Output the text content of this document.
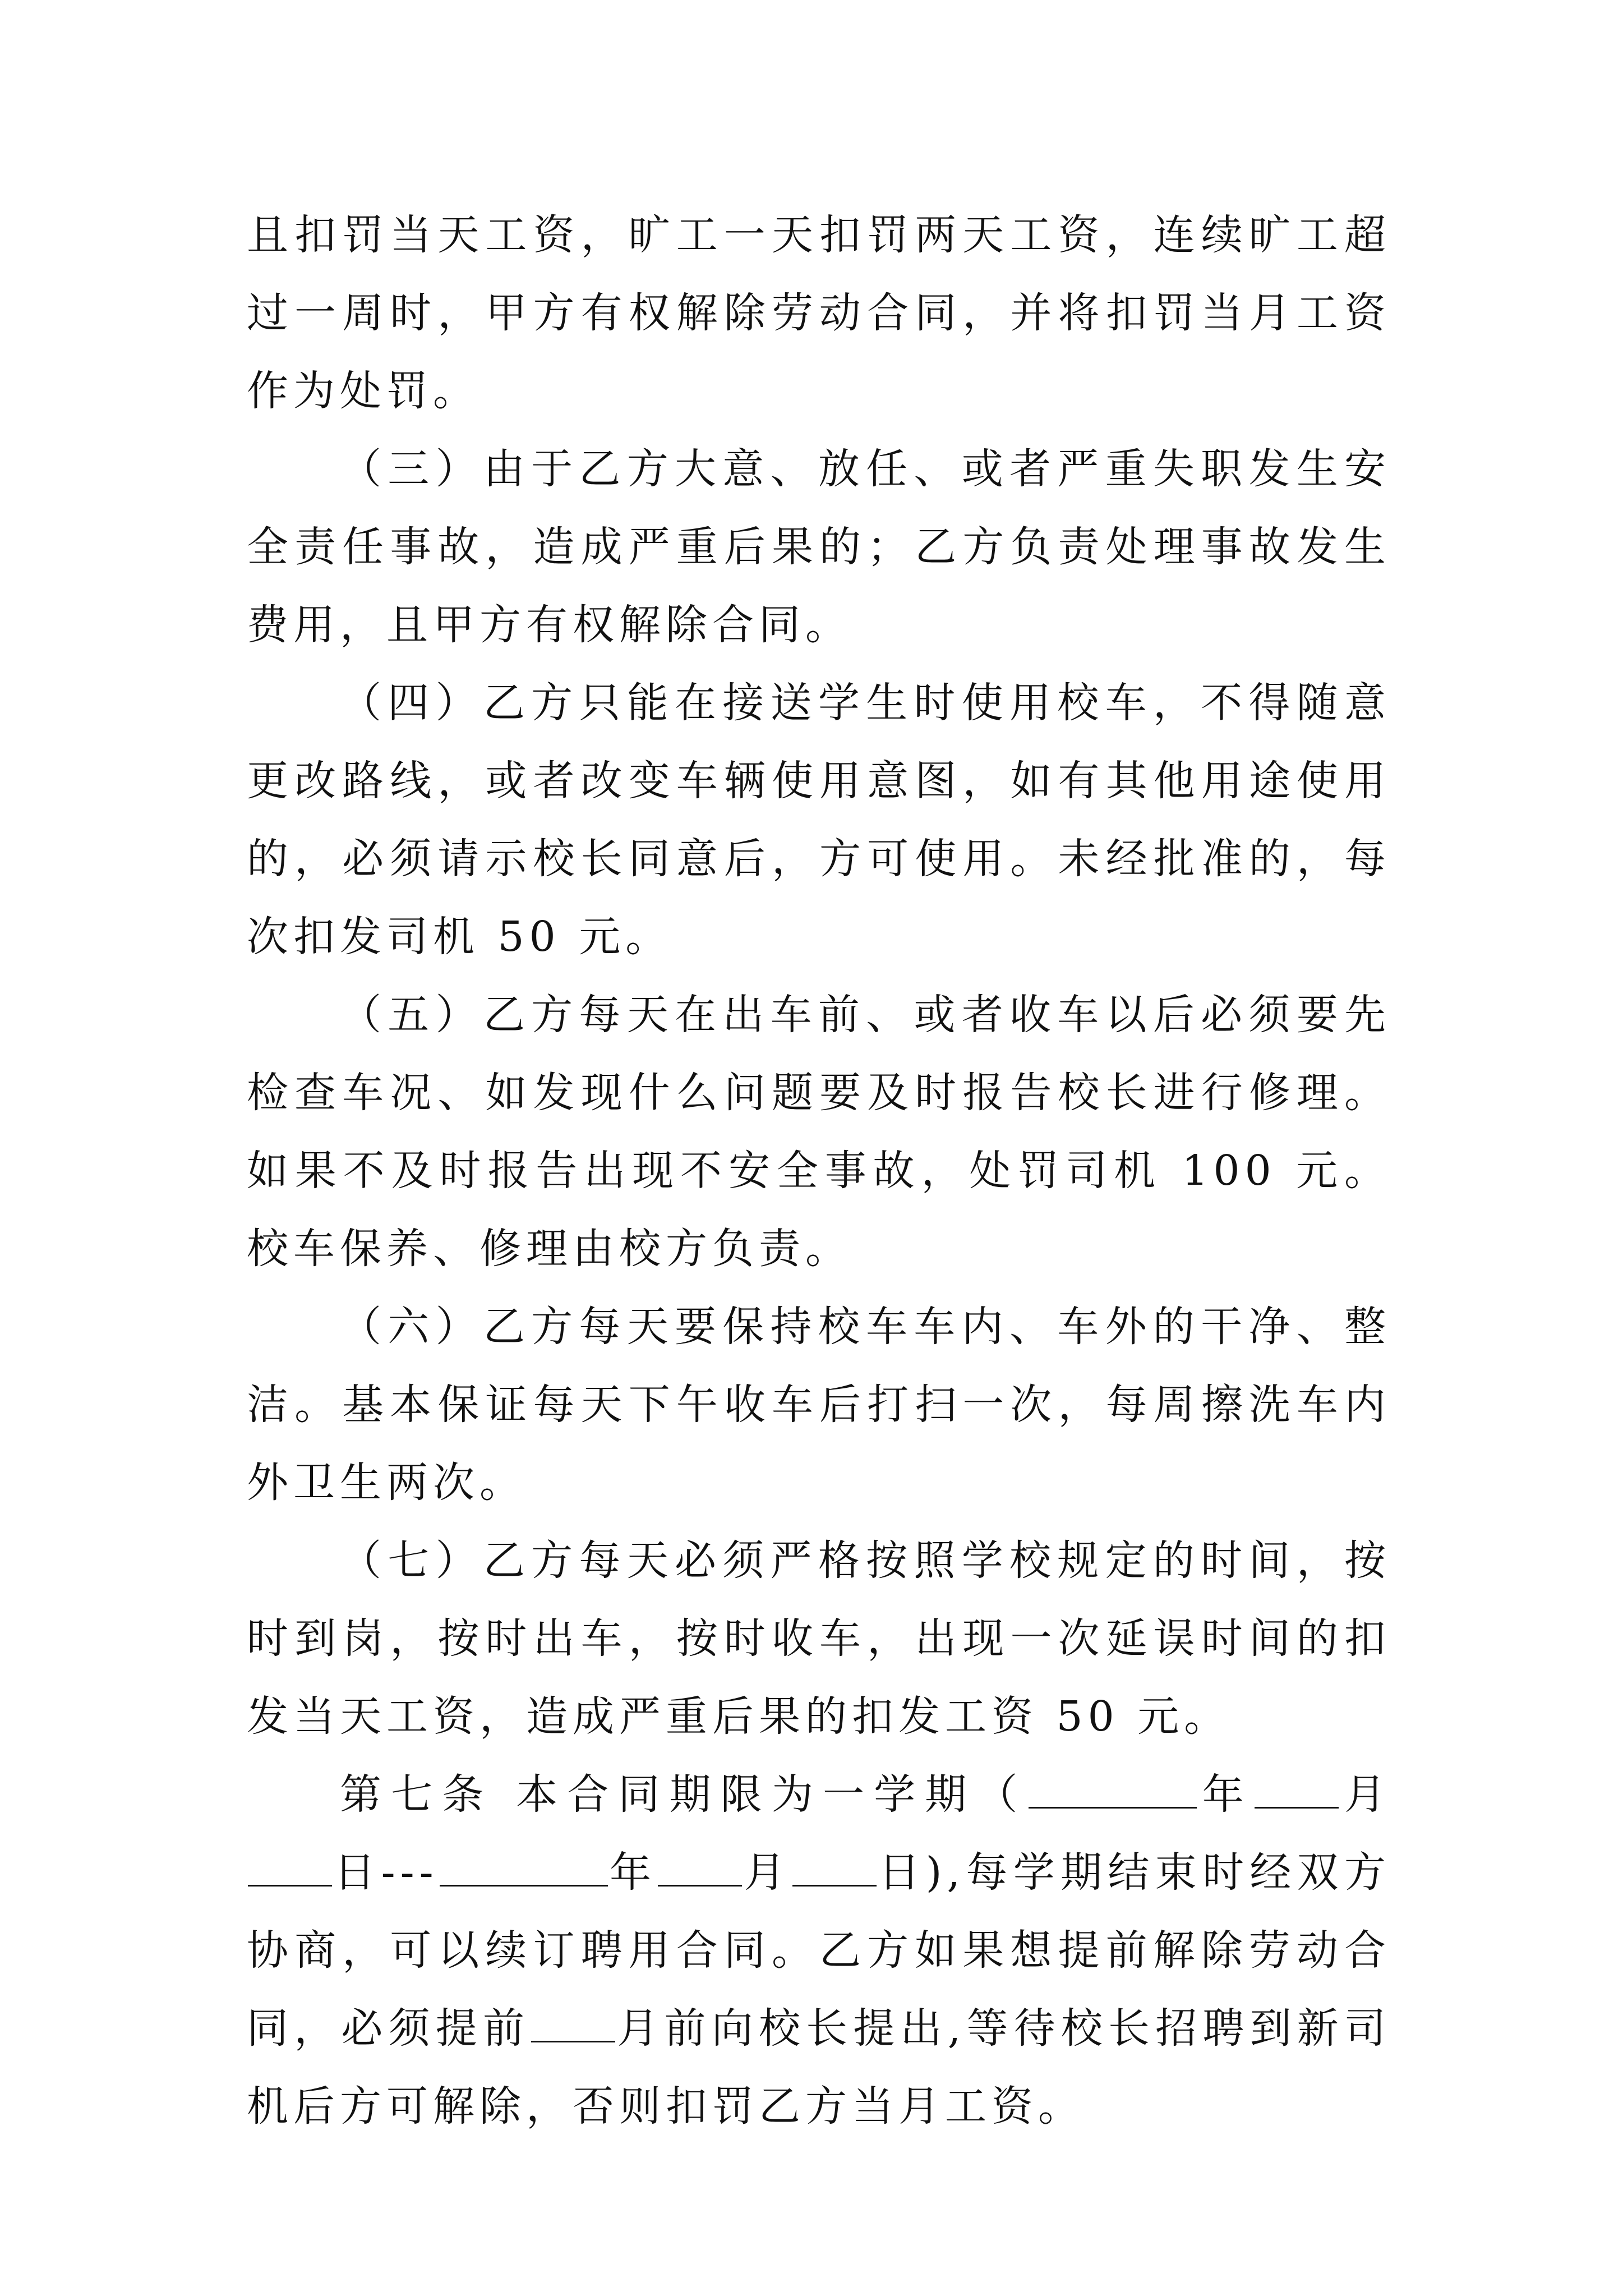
且扣罚当天工资，旷工一天扣罚两天工资，连续旷工超过一周时，甲方有权解除劳动合同，并将扣罚当月工资作为处罚。

（三）由于乙方大意、放任、或者严重失职发生安全责任事故，造成严重后果的；乙方负责处理事故发生费用，且甲方有权解除合同。

（四）乙方只能在接送学生时使用校车，不得随意更改路线，或者改变车辆使用意图，如有其他用途使用的，必须请示校长同意后，方可使用。未经批准的，每次扣发司机 50 元。

（五）乙方每天在出车前、或者收车以后必须要先检查车况、如发现什么问题要及时报告校长进行修理。如果不及时报告出现不安全事故，处罚司机 100 元。校车保养、修理由校方负责。

（六）乙方每天要保持校车车内、车外的干净、整洁。基本保证每天下午收车后打扫一次，每周擦洗车内外卫生两次。

（七）乙方每天必须严格按照学校规定的时间，按时到岗，按时出车，按时收车，出现一次延误时间的扣发当天工资，造成严重后果的扣发工资 50 元。

第七条 本合同期限为一学期（	年 月日---	年 月 日),每学期结束时经双方协商，可以续订聘用合同。乙方如果想提前解除劳动合同，必须提前 月前向校长提出,等待校长招聘到新司机后方可解除，否则扣罚乙方当月工资。
